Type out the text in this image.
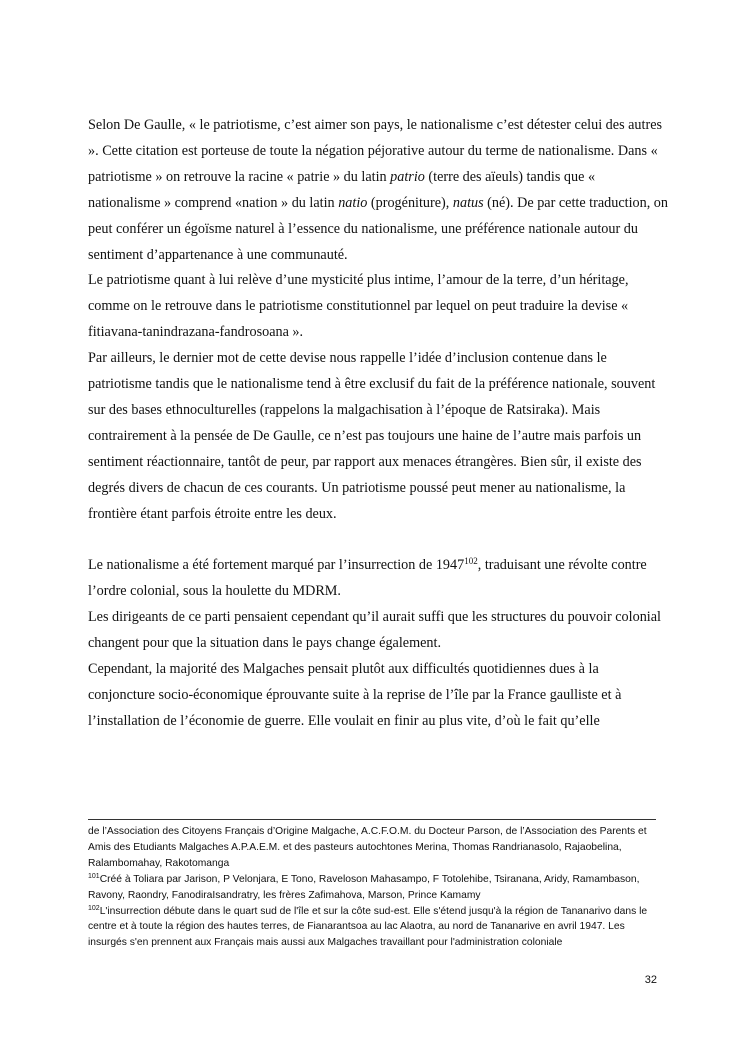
Selon De Gaulle, « le patriotisme, c’est aimer son pays, le nationalisme c’est détester celui des autres ». Cette citation est porteuse de toute la négation péjorative autour du terme de nationalisme. Dans « patriotisme » on retrouve la racine « patrie » du latin patrio (terre des aïeuls) tandis que « nationalisme » comprend «nation » du latin natio (progéniture), natus (né). De par cette traduction, on peut conférer un égoïsme naturel à l’essence du nationalisme, une préférence nationale autour du sentiment d’appartenance à une communauté.

Le patriotisme quant à lui relève d’une mysticité plus intime, l’amour de la terre, d’un héritage, comme on le retrouve dans le patriotisme constitutionnel par lequel on peut traduire la devise « fitiavana-tanindrazana-fandrosoana ».

Par ailleurs, le dernier mot de cette devise nous rappelle l’idée d’inclusion contenue dans le patriotisme tandis que le nationalisme tend à être exclusif du fait de la préférence nationale, souvent sur des bases ethnoculturelles (rappelons la malgachisation à l’époque de Ratsiraka). Mais contrairement à la pensée de De Gaulle, ce n’est pas toujours une haine de l’autre mais parfois un sentiment réactionnaire, tantôt de peur, par rapport aux menaces étrangères. Bien sûr, il existe des degrés divers de chacun de ces courants. Un patriotisme poussé peut mener au nationalisme, la frontière étant parfois étroite entre les deux.

Le nationalisme a été fortement marqué par l’insurrection de 1947$^{102}$, traduisant une révolte contre l’ordre colonial, sous la houlette du MDRM.

Les dirigeants de ce parti pensaient cependant qu’il aurait suffi que les structures du pouvoir colonial changent pour que la situation dans le pays change également.

Cependant, la majorité des Malgaches pensait plutôt aux difficultés quotidiennes dues à la conjoncture socio-économique éprouvante suite à la reprise de l’île par la France gaulliste et à l’installation de l’économie de guerre. Elle voulait en finir au plus vite, d’où le fait qu’elle

de l’Association des Citoyens Français d’Origine Malgache, A.C.F.O.M. du Docteur Parson, de l’Association des Parents et Amis des Etudiants Malgaches A.P.A.E.M. et des pasteurs autochtones Merina, Thomas Randrianasolo, Rajaobelina, Ralambomahay, Rakotomanga

$^{101}$Créé à Toliara par Jarison, P Velonjara, E Tono, Raveloson Mahasampo, F Totolehibe, Tsiranana, Aridy, Ramambason, Ravony, Raondry, FanodiraIsandratry, les frères Zafimahova, Marson, Prince Kamamy

$^{102}$L'insurrection débute dans le quart sud de l'île et sur la côte sud-est. Elle s'étend jusqu'à la région de Tananarivo dans le centre et à toute la région des hautes terres, de Fianarantsoa au lac Alaotra, au nord de Tananarive en avril 1947. Les insurgés s'en prennent aux Français mais aussi aux Malgaches travaillant pour l'administration coloniale

32
